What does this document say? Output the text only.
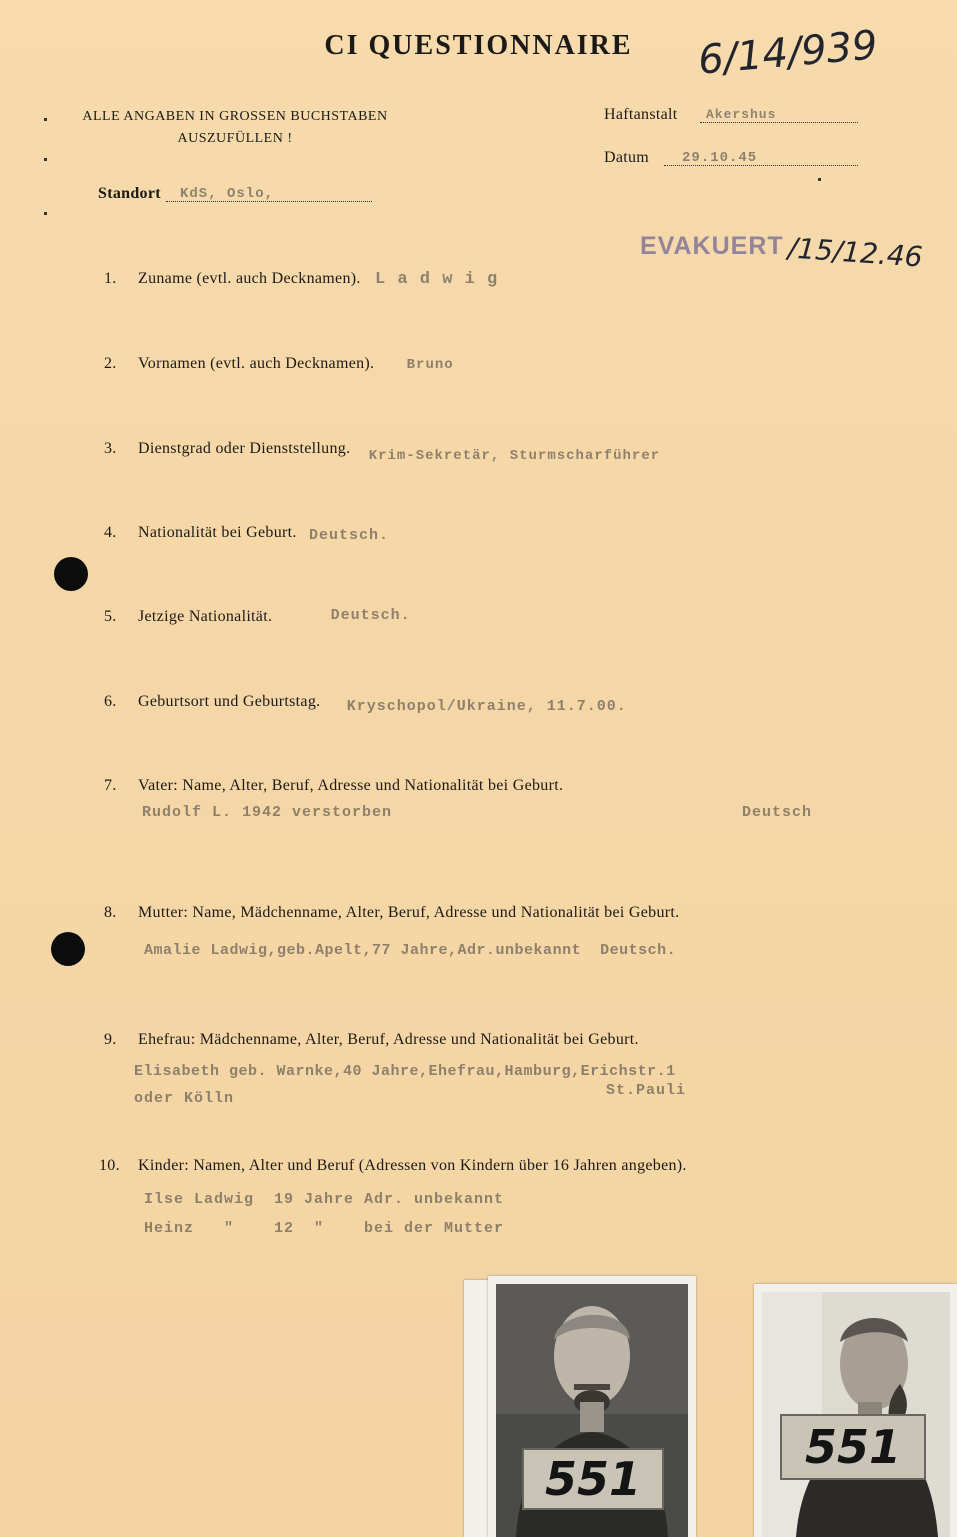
CI QUESTIONNAIRE	6/14/939
ALLE ANGABEN IN GROSSEN BUCHSTABEN
AUSZUFÜLLEN !
Haftanstalt	Akershus
Datum	29.10.45
Standort	KdS, Oslo,
EVAKUERT /15/12.46
1. Zuname (evtl. auch Decknamen). L a d w i g
2. Vornamen (evtl. auch Decknamen). Bruno
3. Dienstgrad oder Dienststellung. Krim-Sekretär, Sturmscharführer
4. Nationalität bei Geburt. Deutsch.
5. Jetzige Nationalität.	Deutsch.
6. Geburtsort und Geburtstag. Kryschopol/Ukraine, 11.7.00.
7. Vater: Name, Alter, Beruf, Adresse und Nationalität bei Geburt.
Rudolf L. 1942 verstorben	Deutsch
8. Mutter: Name, Mädchenname, Alter, Beruf, Adresse und Nationalität bei Geburt.
Amalie Ladwig,geb.Apelt,77 Jahre,Adr.unbekannt  Deutsch.
9. Ehefrau: Mädchenname, Alter, Beruf, Adresse und Nationalität bei Geburt.
Elisabeth geb. Warnke,40 Jahre,Ehefrau,Hamburg,Erichstr.1
oder Kölln	St.Pauli
10. Kinder: Namen, Alter und Beruf (Adressen von Kindern über 16 Jahren angeben).
Ilse Ladwig  19 Jahre Adr. unbekannt
Heinz   "    12  "    bei der Mutter
551
551
